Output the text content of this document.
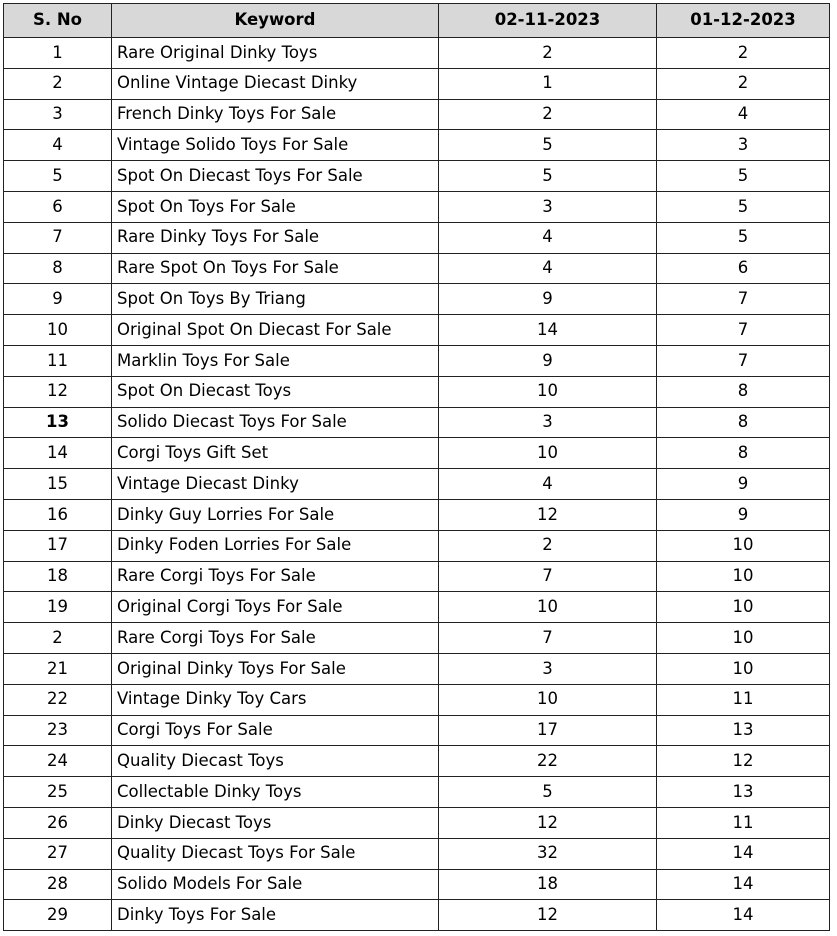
S. No	Keyword	02-11-2023	01-12-2023
1	Rare Original Dinky Toys	2	2
2	Online Vintage Diecast Dinky	1	2
3	French Dinky Toys For Sale	2	4
4	Vintage Solido Toys For Sale	5	3
5	Spot On Diecast Toys For Sale	5	5
6	Spot On Toys For Sale	3	5
7	Rare Dinky Toys For Sale	4	5
8	Rare Spot On Toys For Sale	4	6
9	Spot On Toys By Triang	9	7
10	Original Spot On Diecast For Sale	14	7
11	Marklin Toys For Sale	9	7
12	Spot On Diecast Toys	10	8
13	Solido Diecast Toys For Sale	3	8
14	Corgi Toys Gift Set	10	8
15	Vintage Diecast Dinky	4	9
16	Dinky Guy Lorries For Sale	12	9
17	Dinky Foden Lorries For Sale	2	10
18	Rare Corgi Toys For Sale	7	10
19	Original Corgi Toys For Sale	10	10
2	Rare Corgi Toys For Sale	7	10
21	Original Dinky Toys For Sale	3	10
22	Vintage Dinky Toy Cars	10	11
23	Corgi Toys For Sale	17	13
24	Quality Diecast Toys	22	12
25	Collectable Dinky Toys	5	13
26	Dinky Diecast Toys	12	11
27	Quality Diecast Toys For Sale	32	14
28	Solido Models For Sale	18	14
29	Dinky Toys For Sale	12	14
